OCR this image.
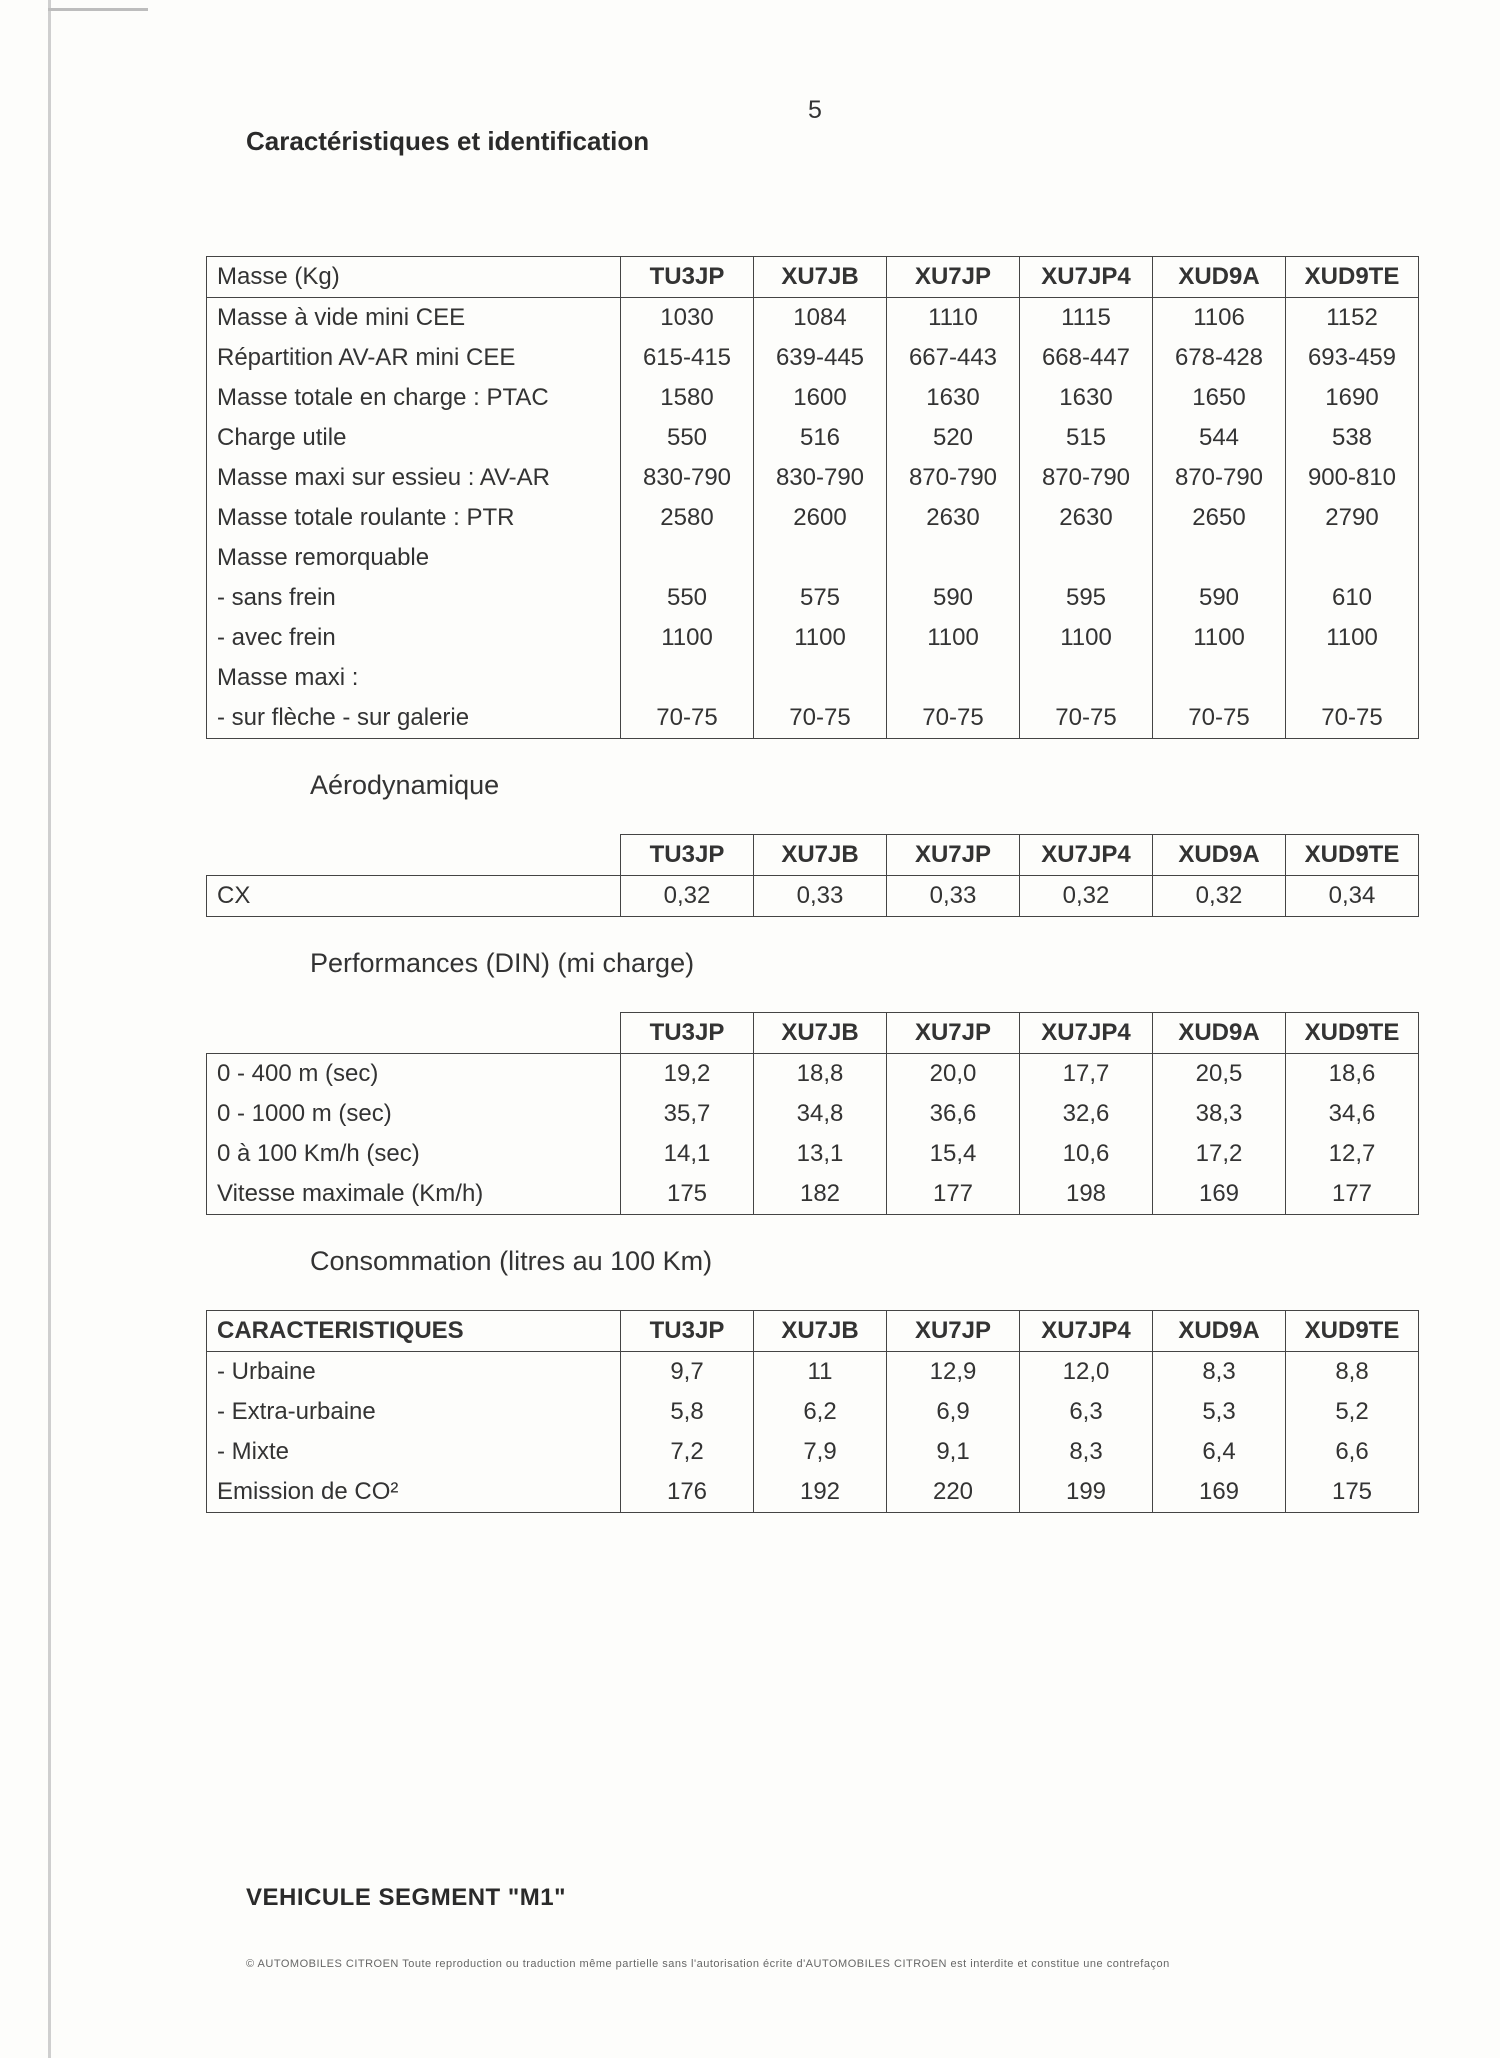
5
Caractéristiques et identification
Masse (Kg)	TU3JP	XU7JB	XU7JP	XU7JP4	XUD9A	XUD9TE
Masse à vide mini CEE	1030	1084	1110	1115	1106	1152
Répartition AV-AR mini CEE	615-415	639-445	667-443	668-447	678-428	693-459
Masse totale en charge : PTAC	1580	1600	1630	1630	1650	1690
Charge utile	550	516	520	515	544	538
Masse maxi sur essieu : AV-AR	830-790	830-790	870-790	870-790	870-790	900-810
Masse totale roulante : PTR	2580	2600	2630	2630	2650	2790
Masse remorquable						
- sans frein	550	575	590	595	590	610
- avec frein	1100	1100	1100	1100	1100	1100
Masse maxi :						
- sur flèche - sur galerie	70-75	70-75	70-75	70-75	70-75	70-75
Aérodynamique
	TU3JP	XU7JB	XU7JP	XU7JP4	XUD9A	XUD9TE
CX	0,32	0,33	0,33	0,32	0,32	0,34
Performances (DIN) (mi charge)
	TU3JP	XU7JB	XU7JP	XU7JP4	XUD9A	XUD9TE
0 - 400 m (sec)	19,2	18,8	20,0	17,7	20,5	18,6
0 - 1000 m (sec)	35,7	34,8	36,6	32,6	38,3	34,6
0 à 100 Km/h (sec)	14,1	13,1	15,4	10,6	17,2	12,7
Vitesse maximale (Km/h)	175	182	177	198	169	177
Consommation (litres au 100 Km)
CARACTERISTIQUES	TU3JP	XU7JB	XU7JP	XU7JP4	XUD9A	XUD9TE
- Urbaine	9,7	11	12,9	12,0	8,3	8,8
- Extra-urbaine	5,8	6,2	6,9	6,3	5,3	5,2
- Mixte	7,2	7,9	9,1	8,3	6,4	6,6
Emission de CO²	176	192	220	199	169	175
VEHICULE SEGMENT "M1"
© AUTOMOBILES CITROEN Toute reproduction ou traduction même partielle sans l'autorisation écrite d'AUTOMOBILES CITROEN est interdite et constitue une contrefaçon
